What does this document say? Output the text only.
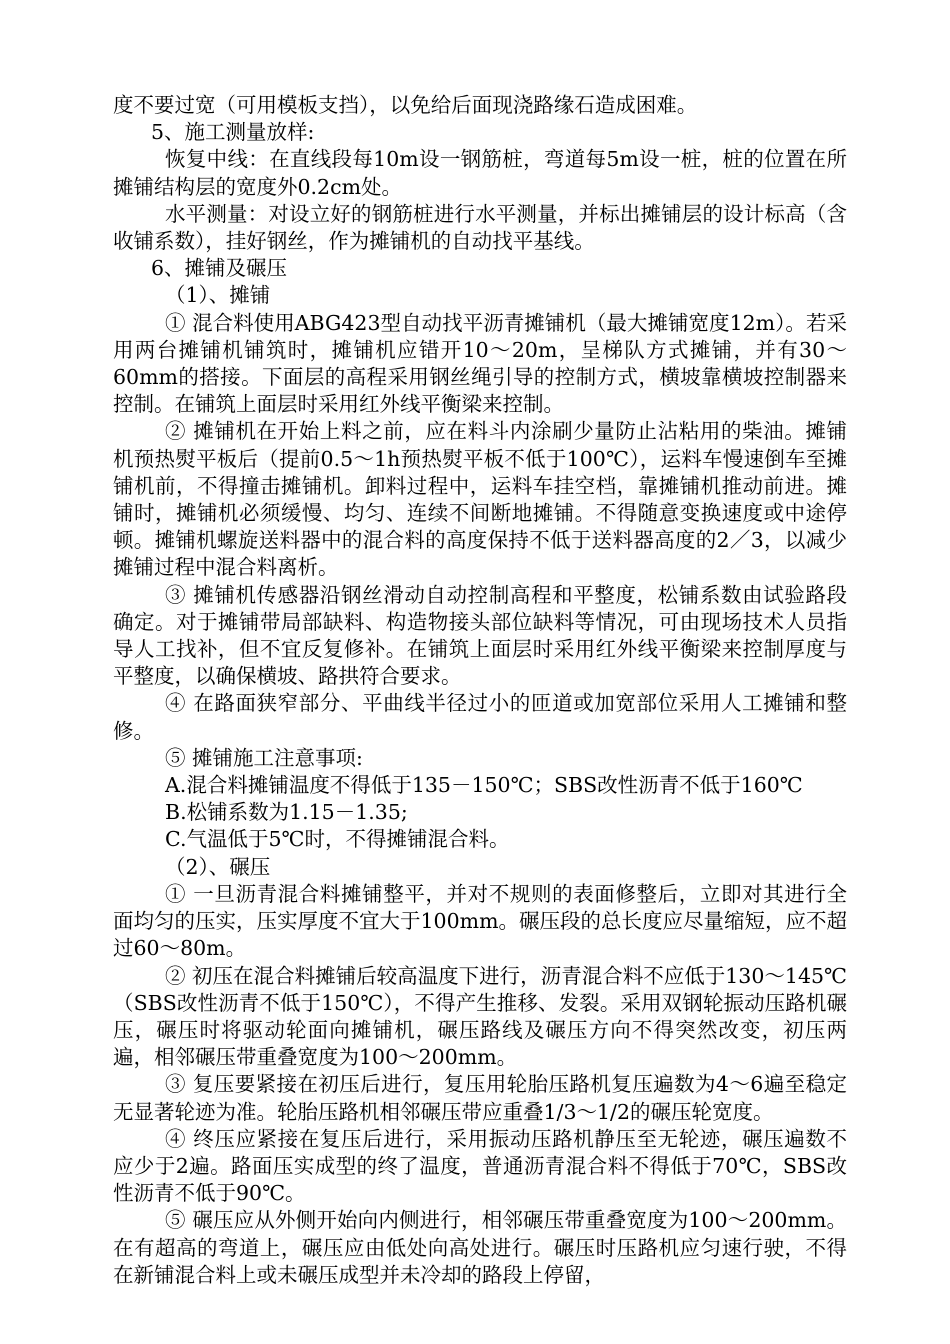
度不要过宽（可用模板支挡），以免给后面现浇路缘石造成困难。

5、施工测量放样:

恢复中线：在直线段每10m设一钢筋桩，弯道每5m设一桩，桩的位置在所摊铺结构层的宽度外0.2cm处。

水平测量：对设立好的钢筋桩进行水平测量，并标出摊铺层的设计标高（含收铺系数），挂好钢丝，作为摊铺机的自动找平基线。

6、摊铺及碾压

（1）、摊铺

① 混合料使用ABG423型自动找平沥青摊铺机（最大摊铺宽度12m）。若采用两台摊铺机铺筑时，摊铺机应错开10～20m，呈梯队方式摊铺，并有30～60mm的搭接。下面层的高程采用钢丝绳引导的控制方式，横坡靠横坡控制器来控制。在铺筑上面层时采用红外线平衡梁来控制。

② 摊铺机在开始上料之前，应在料斗内涂刷少量防止沾粘用的柴油。摊铺机预热熨平板后（提前0.5～1h预热熨平板不低于100℃），运料车慢速倒车至摊铺机前，不得撞击摊铺机。卸料过程中，运料车挂空档，靠摊铺机推动前进。摊铺时，摊铺机必须缓慢、均匀、连续不间断地摊铺。不得随意变换速度或中途停顿。摊铺机螺旋送料器中的混合料的高度保持不低于送料器高度的2／3，以减少摊铺过程中混合料离析。

③ 摊铺机传感器沿钢丝滑动自动控制高程和平整度，松铺系数由试验路段确定。对于摊铺带局部缺料、构造物接头部位缺料等情况，可由现场技术人员指导人工找补，但不宜反复修补。在铺筑上面层时采用红外线平衡梁来控制厚度与平整度，以确保横坡、路拱符合要求。

④ 在路面狭窄部分、平曲线半径过小的匝道或加宽部位采用人工摊铺和整修。

⑤ 摊铺施工注意事项:

A.混合料摊铺温度不得低于135－150℃；SBS改性沥青不低于160℃

B.松铺系数为1.15－1.35;

C.气温低于5℃时，不得摊铺混合料。

（2）、碾压

① 一旦沥青混合料摊铺整平，并对不规则的表面修整后，立即对其进行全面均匀的压实，压实厚度不宜大于100mm。碾压段的总长度应尽量缩短，应不超过60～80m。

② 初压在混合料摊铺后较高温度下进行，沥青混合料不应低于130～145℃（SBS改性沥青不低于150℃），不得产生推移、发裂。采用双钢轮振动压路机碾压，碾压时将驱动轮面向摊铺机，碾压路线及碾压方向不得突然改变，初压两遍，相邻碾压带重叠宽度为100～200mm。

③ 复压要紧接在初压后进行，复压用轮胎压路机复压遍数为4～6遍至稳定无显著轮迹为准。轮胎压路机相邻碾压带应重叠1/3～1/2的碾压轮宽度。

④ 终压应紧接在复压后进行，采用振动压路机静压至无轮迹，碾压遍数不应少于2遍。路面压实成型的终了温度，普通沥青混合料不得低于70℃，SBS改性沥青不低于90℃。

⑤ 碾压应从外侧开始向内侧进行，相邻碾压带重叠宽度为100～200mm。在有超高的弯道上，碾压应由低处向高处进行。碾压时压路机应匀速行驶，不得在新铺混合料上或未碾压成型并未冷却的路段上停留，
